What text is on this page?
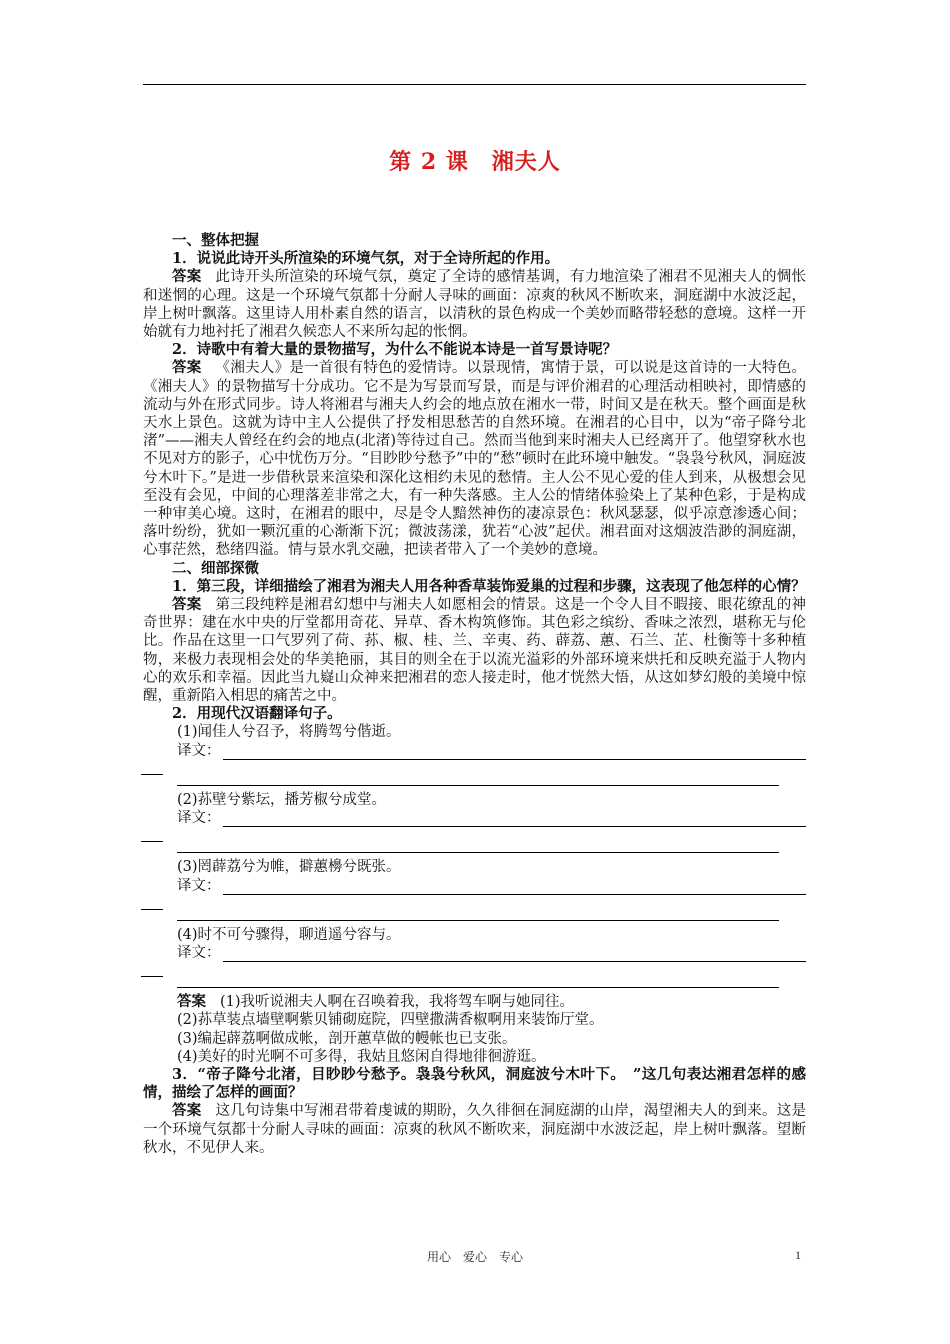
第 2 课　湘夫人

一、整体把握

1．说说此诗开头所渲染的环境气氛，对于全诗所起的作用。

答案 此诗开头所渲染的环境气氛，奠定了全诗的感情基调，有力地渲染了湘君不见湘夫人的惆怅和迷惘的心理。这是一个环境气氛都十分耐人寻味的画面：凉爽的秋风不断吹来，洞庭湖中水波泛起，岸上树叶飘落。这里诗人用朴素自然的语言，以清秋的景色构成一个美妙而略带轻愁的意境。这样一开始就有力地衬托了湘君久候恋人不来所勾起的怅惘。

2．诗歌中有着大量的景物描写，为什么不能说本诗是一首写景诗呢？

答案 《湘夫人》是一首很有特色的爱情诗。以景现情，寓情于景，可以说是这首诗的一大特色。《湘夫人》的景物描写十分成功。它不是为写景而写景，而是与评价湘君的心理活动相映衬，即情感的流动与外在形式同步。诗人将湘君与湘夫人约会的地点放在湘水一带，时间又是在秋天。整个画面是秋天水上景色。这就为诗中主人公提供了抒发相思愁苦的自然环境。在湘君的心目中，以为“帝子降兮北渚”——湘夫人曾经在约会的地点(北渚)等待过自己。然而当他到来时湘夫人已经离开了。他望穿秋水也不见对方的影子，心中忧伤万分。“目眇眇兮愁予”中的“愁”顿时在此环境中触发。“袅袅兮秋风，洞庭波兮木叶下。”是进一步借秋景来渲染和深化这相约未见的愁情。主人公不见心爱的佳人到来，从极想会见至没有会见，中间的心理落差非常之大，有一种失落感。主人公的情绪体验染上了某种色彩，于是构成一种审美心境。这时，在湘君的眼中，尽是令人黯然神伤的凄凉景色：秋风瑟瑟，似乎凉意渗透心间；落叶纷纷，犹如一颗沉重的心渐渐下沉；微波荡漾，犹若“心波”起伏。湘君面对这烟波浩渺的洞庭湖，心事茫然，愁绪四溢。情与景水乳交融，把读者带入了一个美妙的意境。

二、细部探微

1．第三段，详细描绘了湘君为湘夫人用各种香草装饰爱巢的过程和步骤，这表现了他怎样的心情？

答案 第三段纯粹是湘君幻想中与湘夫人如愿相会的情景。这是一个令人目不暇接、眼花缭乱的神奇世界：建在水中央的厅堂都用奇花、异草、香木构筑修饰。其色彩之缤纷、香味之浓烈，堪称无与伦比。作品在这里一口气罗列了荷、荪、椒、桂、兰、辛夷、药、薜荔、蕙、石兰、芷、杜衡等十多种植物，来极力表现相会处的华美艳丽，其目的则全在于以流光溢彩的外部环境来烘托和反映充溢于人物内心的欢乐和幸福。因此当九嶷山众神来把湘君的恋人接走时，他才恍然大悟，从这如梦幻般的美境中惊醒，重新陷入相思的痛苦之中。

2．用现代汉语翻译句子。

(1)闻佳人兮召予，将腾驾兮偕逝。

译文：

(2)荪壁兮紫坛，播芳椒兮成堂。

译文：

(3)罔薜荔兮为帷，擗蕙櫋兮既张。

译文：

(4)时不可兮骤得，聊逍遥兮容与。

译文：

答案 (1)我听说湘夫人啊在召唤着我，我将驾车啊与她同往。

(2)荪草装点墙壁啊紫贝铺砌庭院，四壁撒满香椒啊用来装饰厅堂。

(3)编起薜荔啊做成帐，剖开蕙草做的幔帐也已支张。

(4)美好的时光啊不可多得，我姑且悠闲自得地徘徊游逛。

3．“帝子降兮北渚，目眇眇兮愁予。袅袅兮秋风，洞庭波兮木叶下。　”这几句表达湘君怎样的感情，描绘了怎样的画面？

答案 这几句诗集中写湘君带着虔诚的期盼，久久徘徊在洞庭湖的山岸，渴望湘夫人的到来。这是一个环境气氛都十分耐人寻味的画面：凉爽的秋风不断吹来，洞庭湖中水波泛起，岸上树叶飘落。望断秋水，不见伊人来。

用心　爱心　专心	1
